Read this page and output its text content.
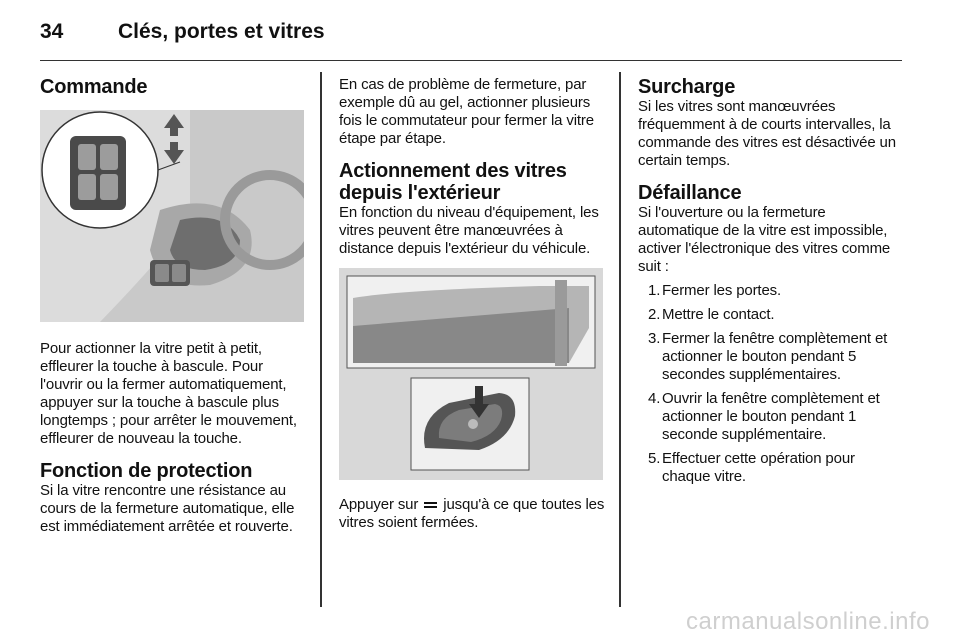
34	Clés, portes et vitres
Commande

Pour actionner la vitre petit à petit, effleurer la touche à bascule. Pour l'ouvrir ou la fermer automatiquement, appuyer sur la touche à bascule plus longtemps ; pour arrêter le mouvement, effleurer de nouveau la touche.

Fonction de protection

Si la vitre rencontre une résistance au cours de la fermeture automatique, elle est immédiatement arrêtée et rouverte.

En cas de problème de fermeture, par exemple dû au gel, actionner plusieurs fois le commutateur pour fermer la vitre étape par étape.

Actionnement des vitres depuis l'extérieur

En fonction du niveau d'équipement, les vitres peuvent être manœuvrées à distance depuis l'extérieur du véhicule.

Appuyer sur jusqu'à ce que toutes les vitres soient fermées.

Surcharge

Si les vitres sont manœuvrées fréquemment à de courts intervalles, la commande des vitres est désactivée un certain temps.

Défaillance

Si l'ouverture ou la fermeture automatique de la vitre est impossible, activer l'électronique des vitres comme suit :

1. Fermer les portes.
2. Mettre le contact.
3. Fermer la fenêtre complètement et actionner le bouton pendant 5 secondes supplémentaires.
4. Ouvrir la fenêtre complètement et actionner le bouton pendant 1 seconde supplémentaire.
5. Effectuer cette opération pour chaque vitre.
carmanualsonline.info
